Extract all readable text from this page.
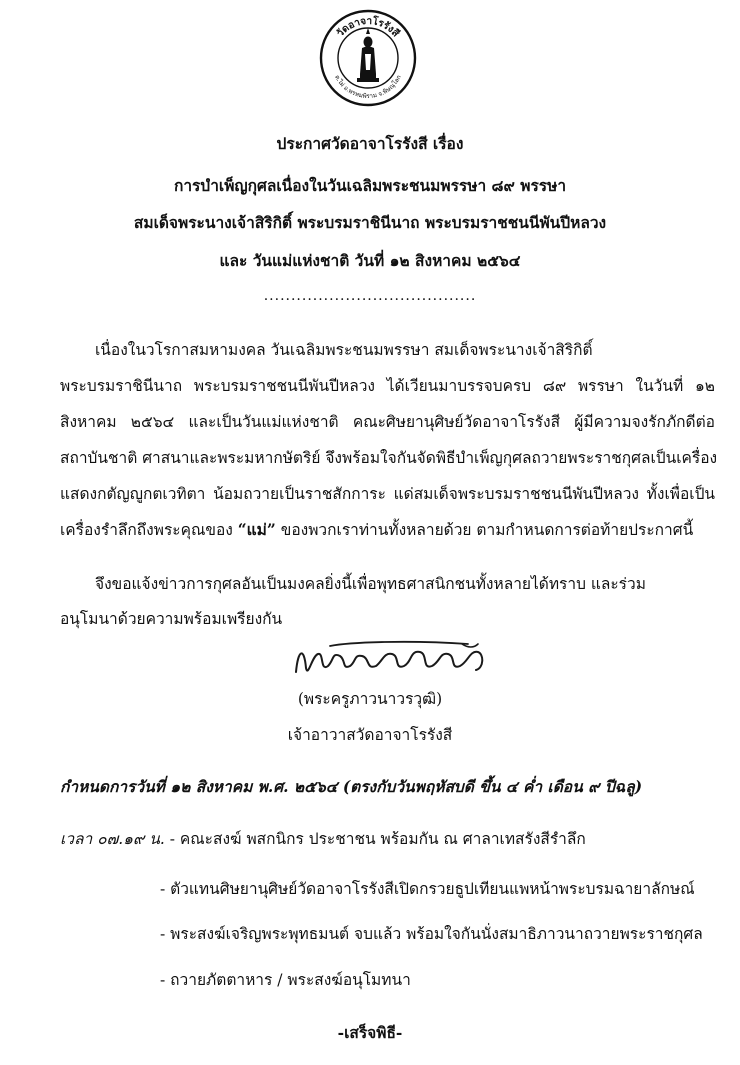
วัดอาจาโรรังสี
ต.ไผ่ อ.พรหมพิราม จ.พิษณุโลก
ประกาศวัดอาจาโรรังสี เรื่อง
การบำเพ็ญกุศลเนื่องในวันเฉลิมพระชนมพรรษา ๘๙ พรรษา
สมเด็จพระนางเจ้าสิริกิติ์ พระบรมราชินีนาถ พระบรมราชชนนีพันปีหลวง
และ วันแม่แห่งชาติ วันที่ ๑๒ สิงหาคม ๒๕๖๔
.......................................
เนื่องในวโรกาสมหามงคล วันเฉลิมพระชนมพรรษา สมเด็จพระนางเจ้าสิริกิติ์
พระบรมราชินีนาถ พระบรมราชชนนีพันปีหลวง ได้เวียนมาบรรจบครบ ๘๙ พรรษา ในวันที่ ๑๒
สิงหาคม ๒๕๖๔ และเป็นวันแม่แห่งชาติ คณะศิษยานุศิษย์วัดอาจาโรรังสี ผู้มีความจงรักภักดีต่อ
สถาบันชาติ ศาสนาและพระมหากษัตริย์ จึงพร้อมใจกันจัดพิธีบำเพ็ญกุศลถวายพระราชกุศลเป็นเครื่อง
แสดงกตัญญูกตเวทิตา น้อมถวายเป็นราชสักการะ แด่สมเด็จพระบรมราชชนนีพันปีหลวง ทั้งเพื่อเป็น
เครื่องรำลึกถึงพระคุณของ “แม่” ของพวกเราท่านทั้งหลายด้วย ตามกำหนดการต่อท้ายประกาศนี้
จึงขอแจ้งข่าวการกุศลอันเป็นมงคลยิ่งนี้เพื่อพุทธศาสนิกชนทั้งหลายได้ทราบ และร่วม
อนุโมนาด้วยความพร้อมเพรียงกัน
(พระครูภาวนาวรวุฒิ)
เจ้าอาวาสวัดอาจาโรรังสี
กำหนดการวันที่ ๑๒ สิงหาคม พ.ศ. ๒๕๖๔ (ตรงกับวันพฤหัสบดี ขึ้น ๔ ค่ำ เดือน ๙ ปีฉลู)
เวลา ๐๗.๑๙ น. - คณะสงฆ์ พสกนิกร ประชาชน พร้อมกัน ณ ศาลาเทสรังสีรำลึก
- ตัวแทนศิษยานุศิษย์วัดอาจาโรรังสีเปิดกรวยธูปเทียนแพหน้าพระบรมฉายาลักษณ์
- พระสงฆ์เจริญพระพุทธมนต์ จบแล้ว พร้อมใจกันนั่งสมาธิภาวนาถวายพระราชกุศล
- ถวายภัตตาหาร / พระสงฆ์อนุโมทนา
-เสร็จพิธี-
